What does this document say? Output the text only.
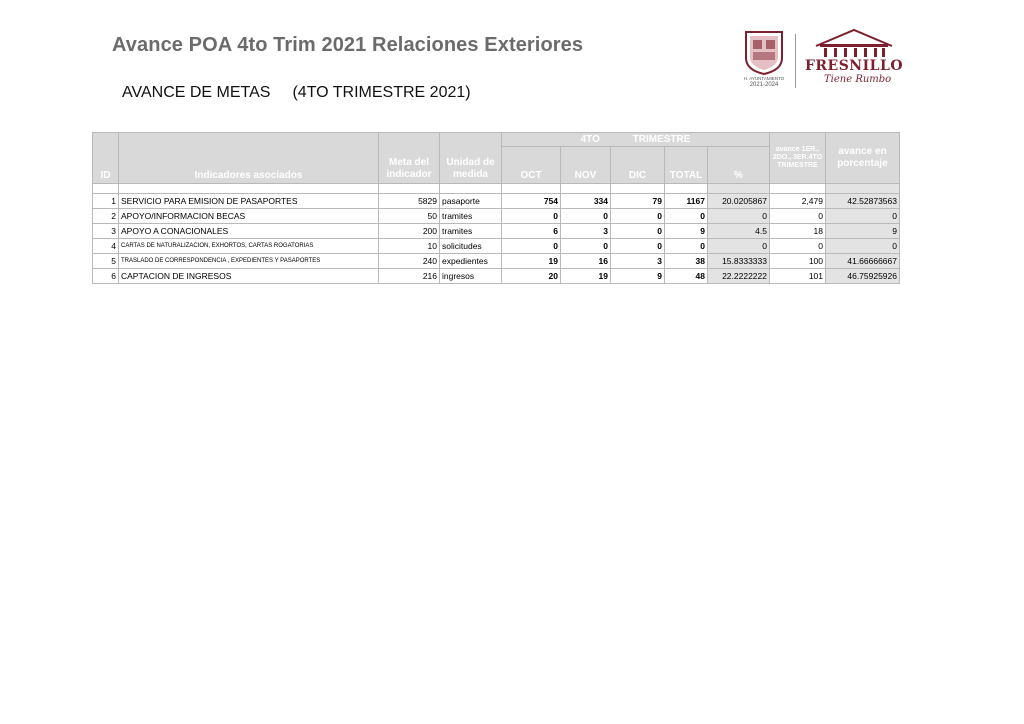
Avance POA 4to Trim 2021 Relaciones Exteriores
AVANCE DE METAS (4TO TRIMESTRE 2021)
H. AYUNTAMIENTO
2021-2024
FRESNILLO
Tiene Rumbo
ID	Indicadores asociados	Meta del indicador	Unidad de medida	4TO TRIMESTRE					avance 1ER., 2DO., 3ER.4TO TRIMESTRE	avance en porcentaje
				OCT	NOV	DIC	TOTAL	%		

1	SERVICIO PARA EMISION DE PASAPORTES	5829	pasaporte	754	334	79	1167	20.0205867	2,479	42.52873563
2	APOYO/INFORMACION BECAS	50	tramites	0	0	0	0	0	0	0
3	APOYO A CONACIONALES	200	tramites	6	3	0	9	4.5	18	9
4	CARTAS DE NATURALIZACION, EXHORTOS, CARTAS ROGATORIAS	10	solicitudes	0	0	0	0	0	0	0
5	TRASLADO DE CORRESPONDENCIA , EXPEDIENTES Y PASAPORTES	240	expedientes	19	16	3	38	15.8333333	100	41.66666667
6	CAPTACION DE INGRESOS	216	ingresos	20	19	9	48	22.2222222	101	46.75925926
